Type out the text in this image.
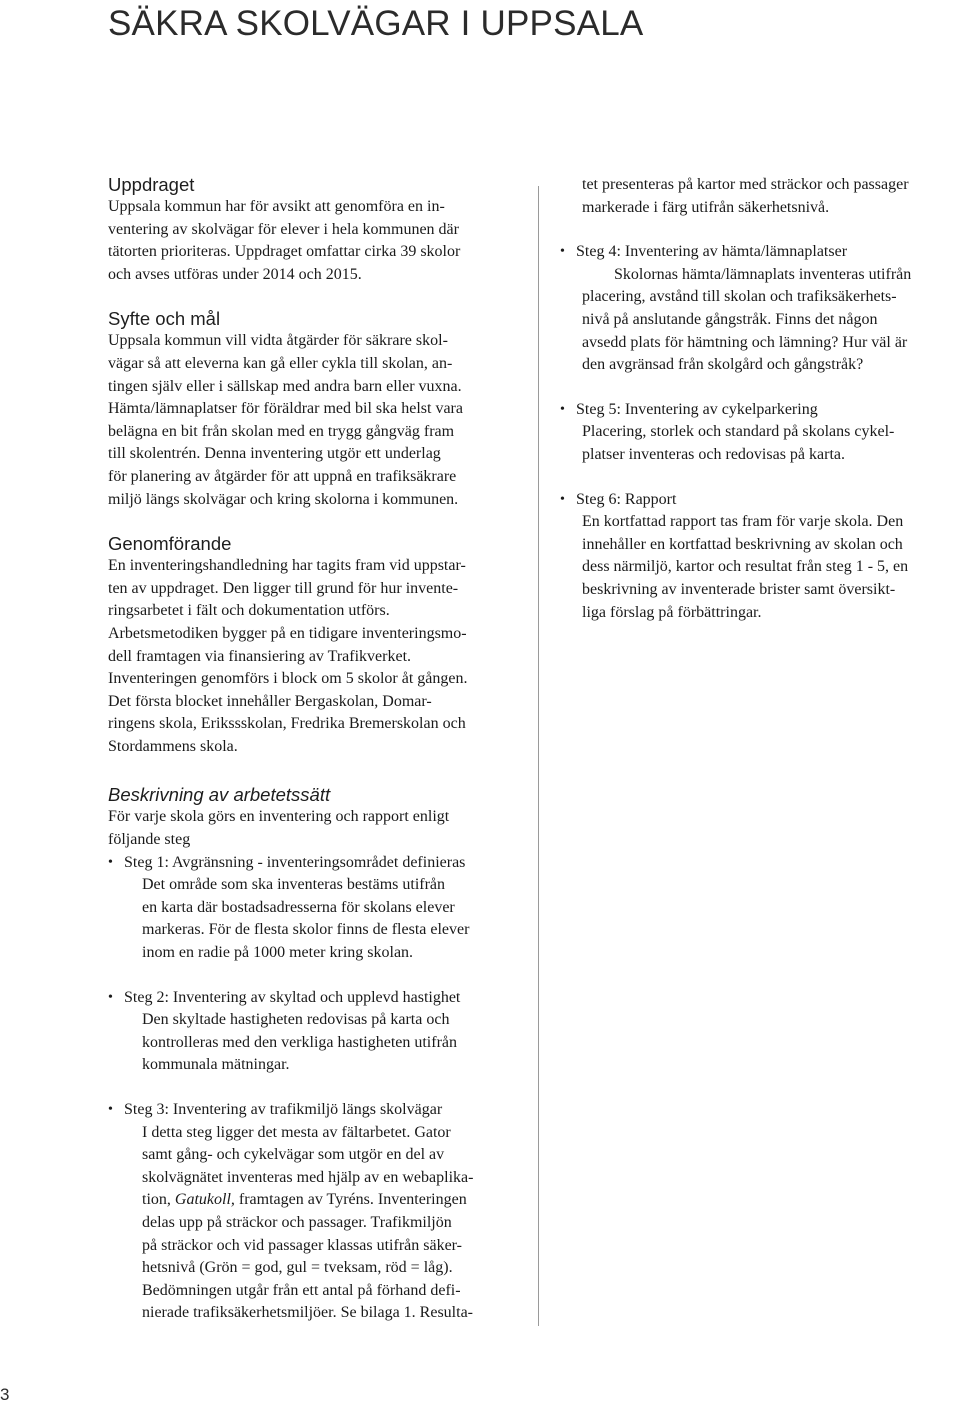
SÄKRA SKOLVÄGAR I UPPSALA
Uppdraget

Uppsala kommun har för avsikt att genomföra en in-
ventering av skolvägar för elever i hela kommunen där
tätorten prioriteras. Uppdraget omfattar cirka 39 skolor
och avses utföras under 2014 och 2015.

Syfte och mål

Uppsala kommun vill vidta åtgärder för säkrare skol-
vägar så att eleverna kan gå eller cykla till skolan, an-
tingen själv eller i sällskap med andra barn eller vuxna.
Hämta/lämnaplatser för föräldrar med bil ska helst vara
belägna en bit från skolan med en trygg gångväg fram
till skolentrén. Denna inventering utgör ett underlag
för planering av åtgärder för att uppnå en trafiksäkrare
miljö längs skolvägar och kring skolorna i kommunen.

Genomförande

En inventeringshandledning har tagits fram vid uppstar-
ten av uppdraget. Den ligger till grund för hur invente-
ringsarbetet i fält och dokumentation utförs.
Arbetsmetodiken bygger på en tidigare inventeringsmo-
dell framtagen via finansiering av Trafikverket.
Inventeringen genomförs i block om 5 skolor åt gången.
Det första blocket innehåller Bergaskolan, Domar-
ringens skola, Erikssskolan, Fredrika Bremerskolan och
Stordammens skola.

Beskrivning av arbetetssätt

För varje skola görs en inventering och rapport enligt
följande steg

• Steg 1: Avgränsning - inventeringsområdet definieras

Det område som ska inventeras bestäms utifrån
en karta där bostadsadresserna för skolans elever
markeras. För de flesta skolor finns de flesta elever
inom en radie på 1000 meter kring skolan.

• Steg 2: Inventering av skyltad och upplevd hastighet

Den skyltade hastigheten redovisas på karta och
kontrolleras med den verkliga hastigheten utifrån
kommunala mätningar.

• Steg 3: Inventering av trafikmiljö längs skolvägar

I detta steg ligger det mesta av fältarbetet. Gator
samt gång- och cykelvägar som utgör en del av
skolvägnätet inventeras med hjälp av en webaplika-
tion, Gatukoll, framtagen av Tyréns. Inventeringen
delas upp på sträckor och passager. Trafikmiljön
på sträckor och vid passager klassas utifrån säker-
hetsnivå (Grön = god, gul = tveksam, röd = låg).
Bedömningen utgår från ett antal på förhand defi-
nierade trafiksäkerhetsmiljöer. Se bilaga 1. Resulta-

tet presenteras på kartor med sträckor och passager
markerade i färg utifrån säkerhetsnivå.

• Steg 4: Inventering av hämta/lämnaplatser

Skolornas hämta/lämnaplats inventeras utifrån
placering, avstånd till skolan och trafiksäkerhets-
nivå på anslutande gångstråk. Finns det någon
avsedd plats för hämtning och lämning? Hur väl är
den avgränsad från skolgård och gångstråk?

• Steg 5: Inventering av cykelparkering

Placering, storlek och standard på skolans cykel-
platser inventeras och redovisas på karta.

• Steg 6: Rapport

En kortfattad rapport tas fram för varje skola. Den
innehåller en kortfattad beskrivning av skolan och
dess närmiljö, kartor och resultat från steg 1 - 5, en
beskrivning av inventerade brister samt översikt-
liga förslag på förbättringar.

3
